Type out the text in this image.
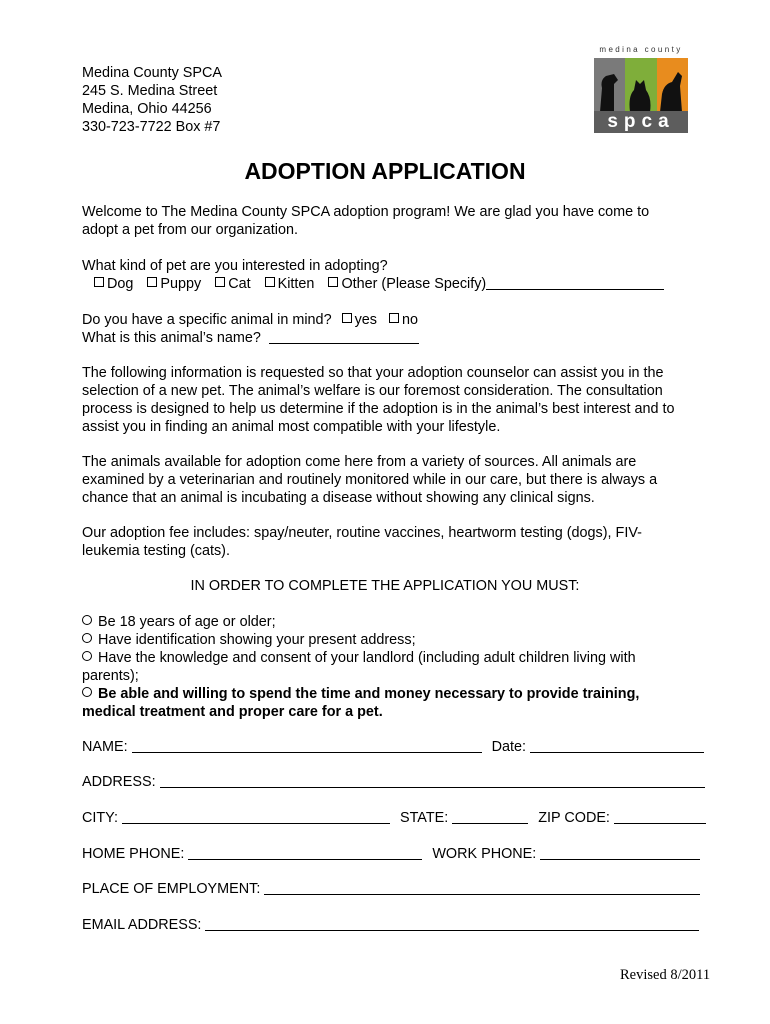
Medina County SPCA
245 S. Medina Street
Medina, Ohio 44256
330-723-7722 Box #7
medina county
spca
ADOPTION APPLICATION
Welcome to The Medina County SPCA adoption program! We are glad you have come to
adopt a pet from our organization.
What kind of pet are you interested in adopting?
Dog Puppy Cat Kitten Other (Please Specify)
Do you have a specific animal in mind? yes no
What is this animal’s name?
The following information is requested so that your adoption counselor can assist you in the
selection of a new pet. The animal’s welfare is our foremost consideration. The consultation
process is designed to help us determine if the adoption is in the animal’s best interest and to
assist you in finding an animal most compatible with your lifestyle.
The animals available for adoption come here from a variety of sources. All animals are
examined by a veterinarian and routinely monitored while in our care, but there is always a
chance that an animal is incubating a disease without showing any clinical signs.
Our adoption fee includes: spay/neuter, routine vaccines, heartworm testing (dogs), FIV-
leukemia testing (cats).
IN ORDER TO COMPLETE THE APPLICATION YOU MUST:
Be 18 years of age or older;
Have identification showing your present address;
Have the knowledge and consent of your landlord (including adult children living with
parents);
Be able and willing to spend the time and money necessary to provide training,
medical treatment and proper care for a pet.
NAME:	Date:
ADDRESS:
CITY:	STATE:	ZIP CODE:
HOME PHONE:	WORK PHONE:
PLACE OF EMPLOYMENT:
EMAIL ADDRESS:
Revised 8/2011
